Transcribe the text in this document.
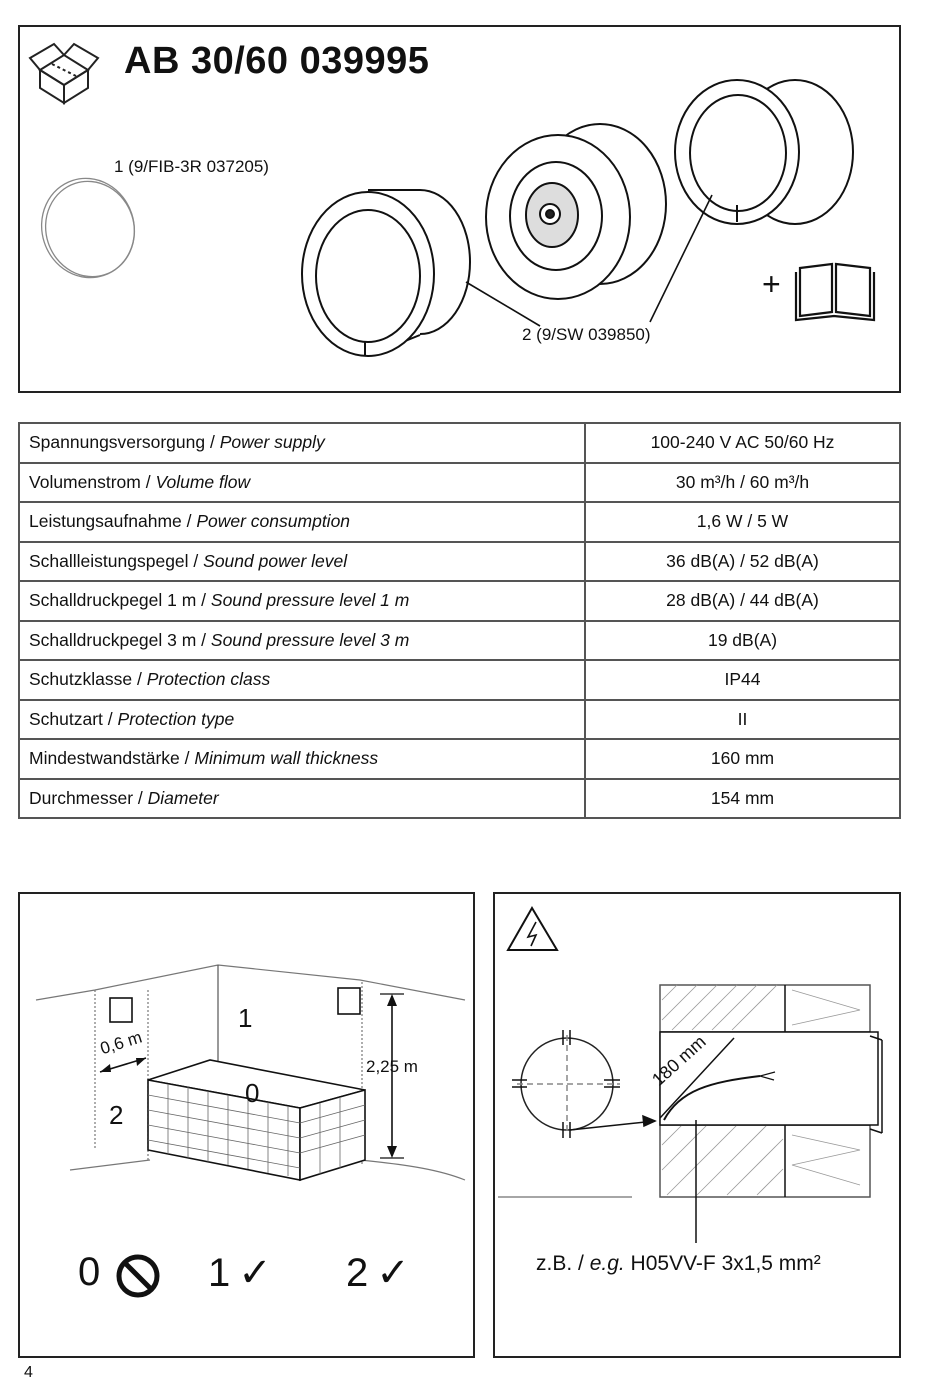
AB 30/60 039995
1 (9/FIB-3R 037205)
2 (9/SW 039850)
+
Spannungsversorgung / Power supply	100-240 V AC 50/60 Hz
Volumenstrom / Volume flow	30 m³/h / 60 m³/h
Leistungsaufnahme / Power consumption	1,6 W / 5 W
Schallleistungspegel / Sound power level	36 dB(A) / 52 dB(A)
Schalldruckpegel 1 m / Sound pressure level 1 m	28 dB(A) / 44 dB(A)
Schalldruckpegel 3 m / Sound pressure level 3 m	19 dB(A)
Schutzklasse / Protection class	IP44
Schutzart / Protection type	II
Mindestwandstärke / Minimum wall thickness	160 mm
Durchmesser / Diameter	154 mm
1
0
2
0,6 m
2,25 m
0	1 ✓ 2 ✓
180 mm
z.B. / e.g. H05VV-F 3x1,5 mm²
4
